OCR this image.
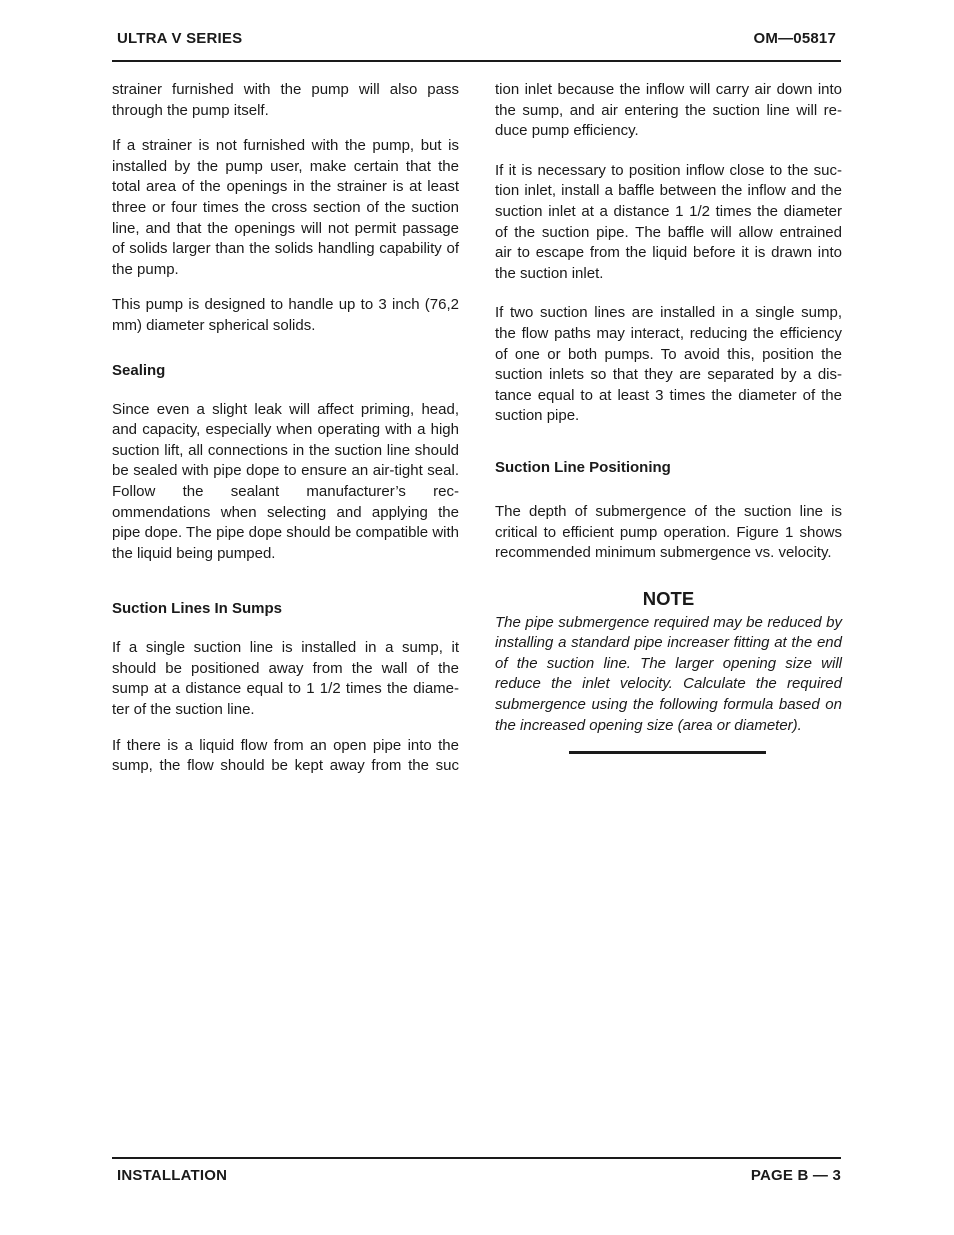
ULTRA V SERIES	OM—05817

strainer furnished with the pump will also pass through the pump itself.

If a strainer is not furnished with the pump, but is installed by the pump user, make certain that the total area of the openings in the strainer is at least three or four times the cross section of the suction line, and that the openings will not permit passage of solids larger than the solids handling capability of the pump.

This pump is designed to handle up to 3 inch (76,2 mm) diameter spherical solids.

Sealing

Since even a slight leak will affect priming, head, and capacity, especially when operating with a high suction lift, all connections in the suction line should be sealed with pipe dope to ensure an air‑tight seal. Follow the sealant manufacturer’s recommendations when selecting and applying the pipe dope. The pipe dope should be compatible with the liquid being pumped.

Suction Lines In Sumps

If a single suction line is installed in a sump, it should be positioned away from the wall of the sump at a distance equal to 1 1/2 times the diameter of the suction line.

If there is a liquid flow from an open pipe into the sump, the flow should be kept away from the suc

tion inlet because the inflow will carry air down into the sump, and air entering the suction line will reduce pump efficiency.

If it is necessary to position inflow close to the suction inlet, install a baffle between the inflow and the suction inlet at a distance 1 1/2 times the diameter of the suction pipe. The baffle will allow entrained air to escape from the liquid before it is drawn into the suction inlet.

If two suction lines are installed in a single sump, the flow paths may interact, reducing the efficiency of one or both pumps. To avoid this, position the suction inlets so that they are separated by a distance equal to at least 3 times the diameter of the suction pipe.

Suction Line Positioning

The depth of submergence of the suction line is critical to efficient pump operation. Figure 1 shows recommended minimum submergence vs. velocity.

NOTE

The pipe submergence required may be reduced by installing a standard pipe increaser fitting at the end of the suction line. The larger opening size will reduce the inlet velocity. Calculate the required submergence using the following formula based on the increased opening size (area or diameter).

INSTALLATION	PAGE B — 3
